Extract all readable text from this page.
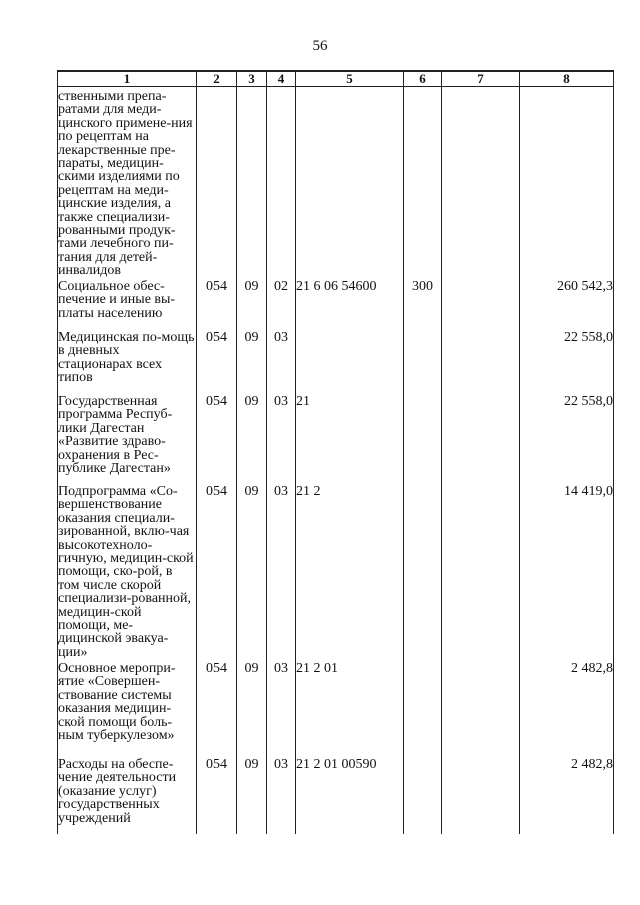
56
1	2	3	4	5	6	7	8
ственными препа-ратами для меди-цинского примене-ния по рецептам на лекарственные пре-параты, медицин-скими изделиями по рецептам на меди-цинские изделия, а также специализи-рованными продук-тами лечебного пи-тания для детей-инвалидов							
Социальное обес-печение и иные вы-платы населению	054	09	02	21 6 06 54600	300		260 542,3
Медицинская по-мощь в дневных стационарах всех типов	054	09	03				22 558,0
Государственная программа Респуб-лики Дагестан «Развитие здраво-охранения в Рес-публике Дагестан»	054	09	03	21			22 558,0
Подпрограмма «Со-вершенствование оказания специали-зированной, вклю-чая высокотехноло-гичную, медицин-ской помощи, ско-рой, в том числе скорой специализи-рованной, медицин-ской помощи, ме-дицинской эвакуа-ции»	054	09	03	21 2			14 419,0
Основное меропри-ятие «Совершен-ствование системы оказания медицин-ской помощи боль-ным туберкулезом»	054	09	03	21 2 01			2 482,8
Расходы на обеспе-чение деятельности (оказание услуг) государственных учреждений	054	09	03	21 2 01 00590			2 482,8
